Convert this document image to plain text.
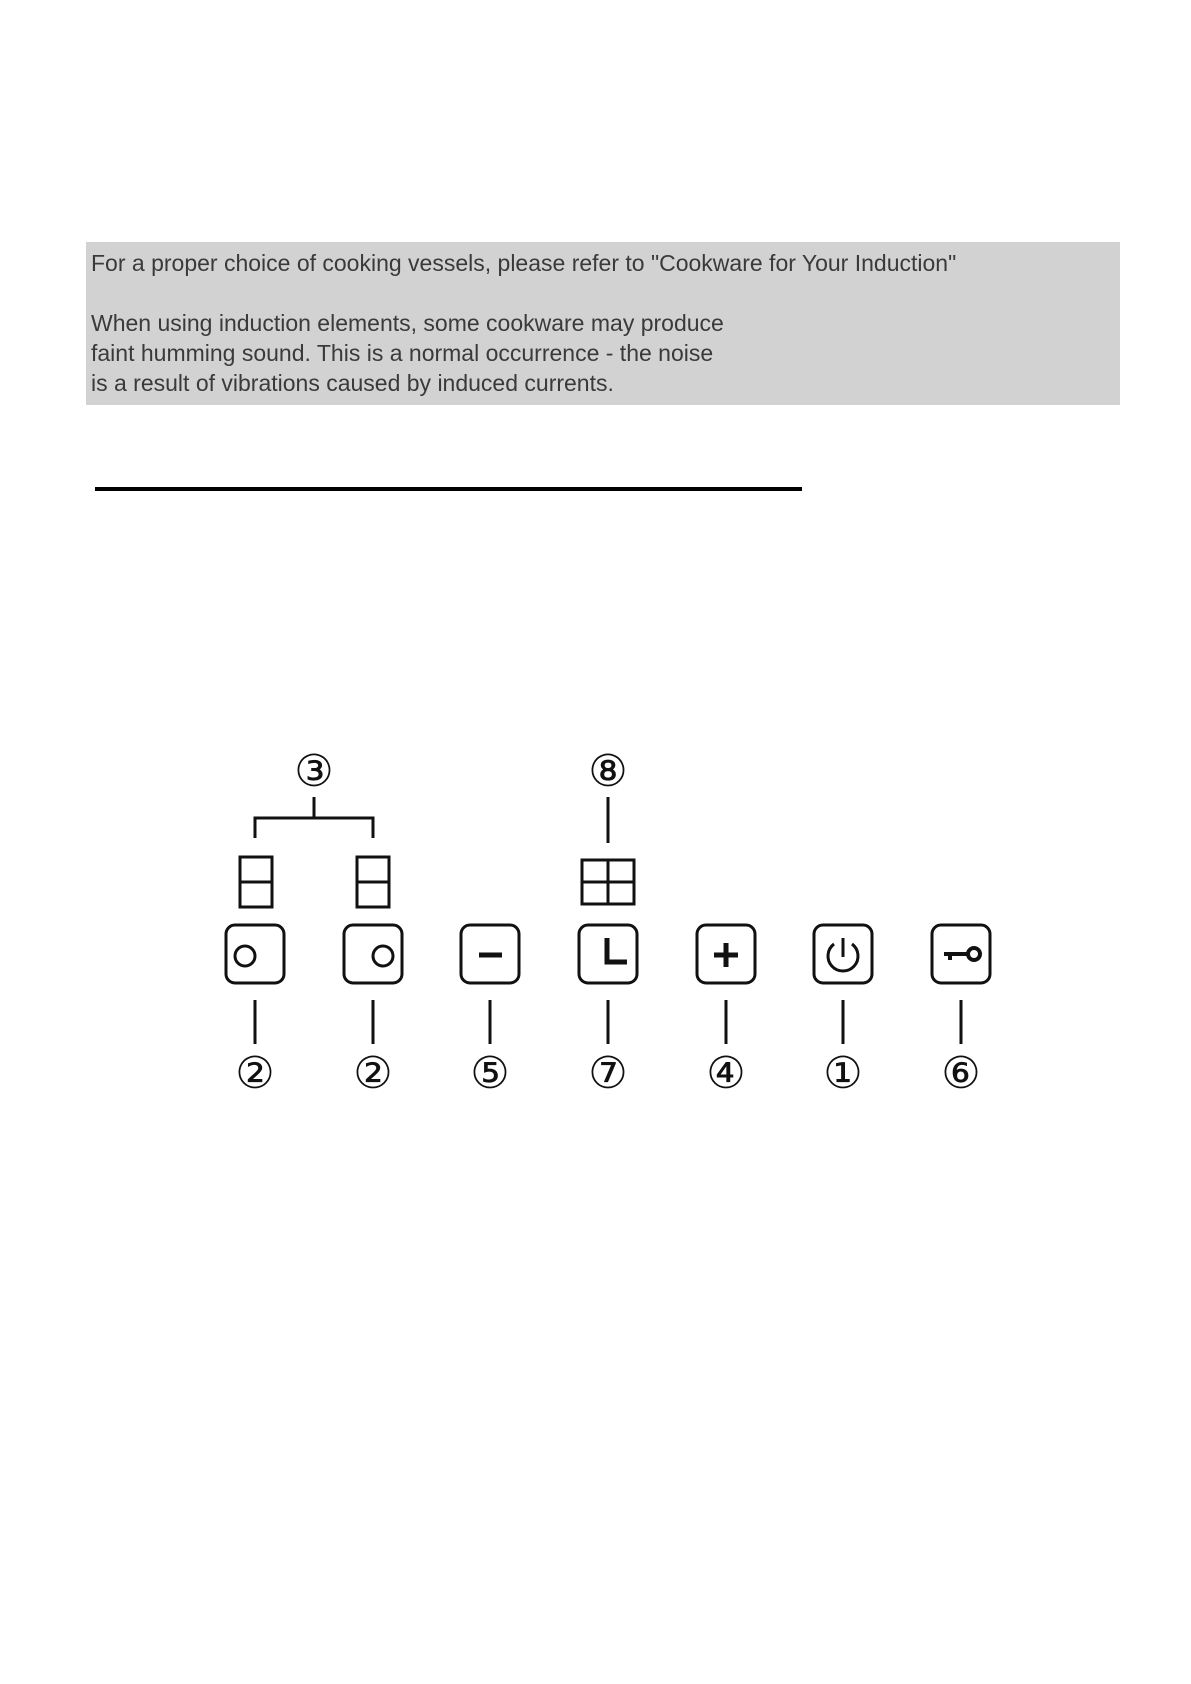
For a proper choice of cooking vessels, please refer to "Cookware for Your Induction"
When using induction elements, some cookware may produce
faint humming sound. This is a normal occurrence - the noise
is a result of vibrations caused by induced currents.
③	⑧
② ② ⑤ ⑦ ④ ① ⑥
